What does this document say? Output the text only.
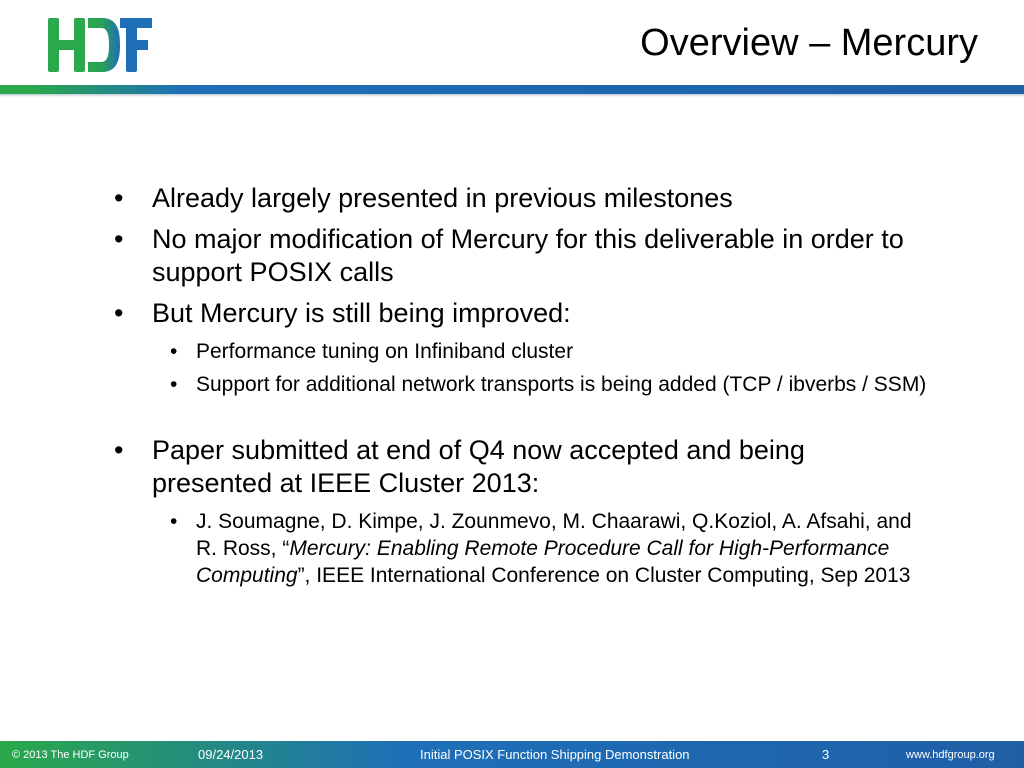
Overview – Mercury
• Already largely presented in previous milestones
• No major modification of Mercury for this deliverable in order to support POSIX calls
• But Mercury is still being improved:
• Performance tuning on Infiniband cluster
• Support for additional network transports is being added (TCP / ibverbs / SSM)
• Paper submitted at end of Q4 now accepted and being presented at IEEE Cluster 2013:
• J. Soumagne, D. Kimpe, J. Zounmevo, M. Chaarawi, Q.Koziol, A. Afsahi, and R. Ross, “Mercury: Enabling Remote Procedure Call for High-Performance Computing”, IEEE International Conference on Cluster Computing, Sep 2013
© 2013 The HDF Group	09/24/2013	Initial POSIX Function Shipping Demonstration	3	www.hdfgroup.org
